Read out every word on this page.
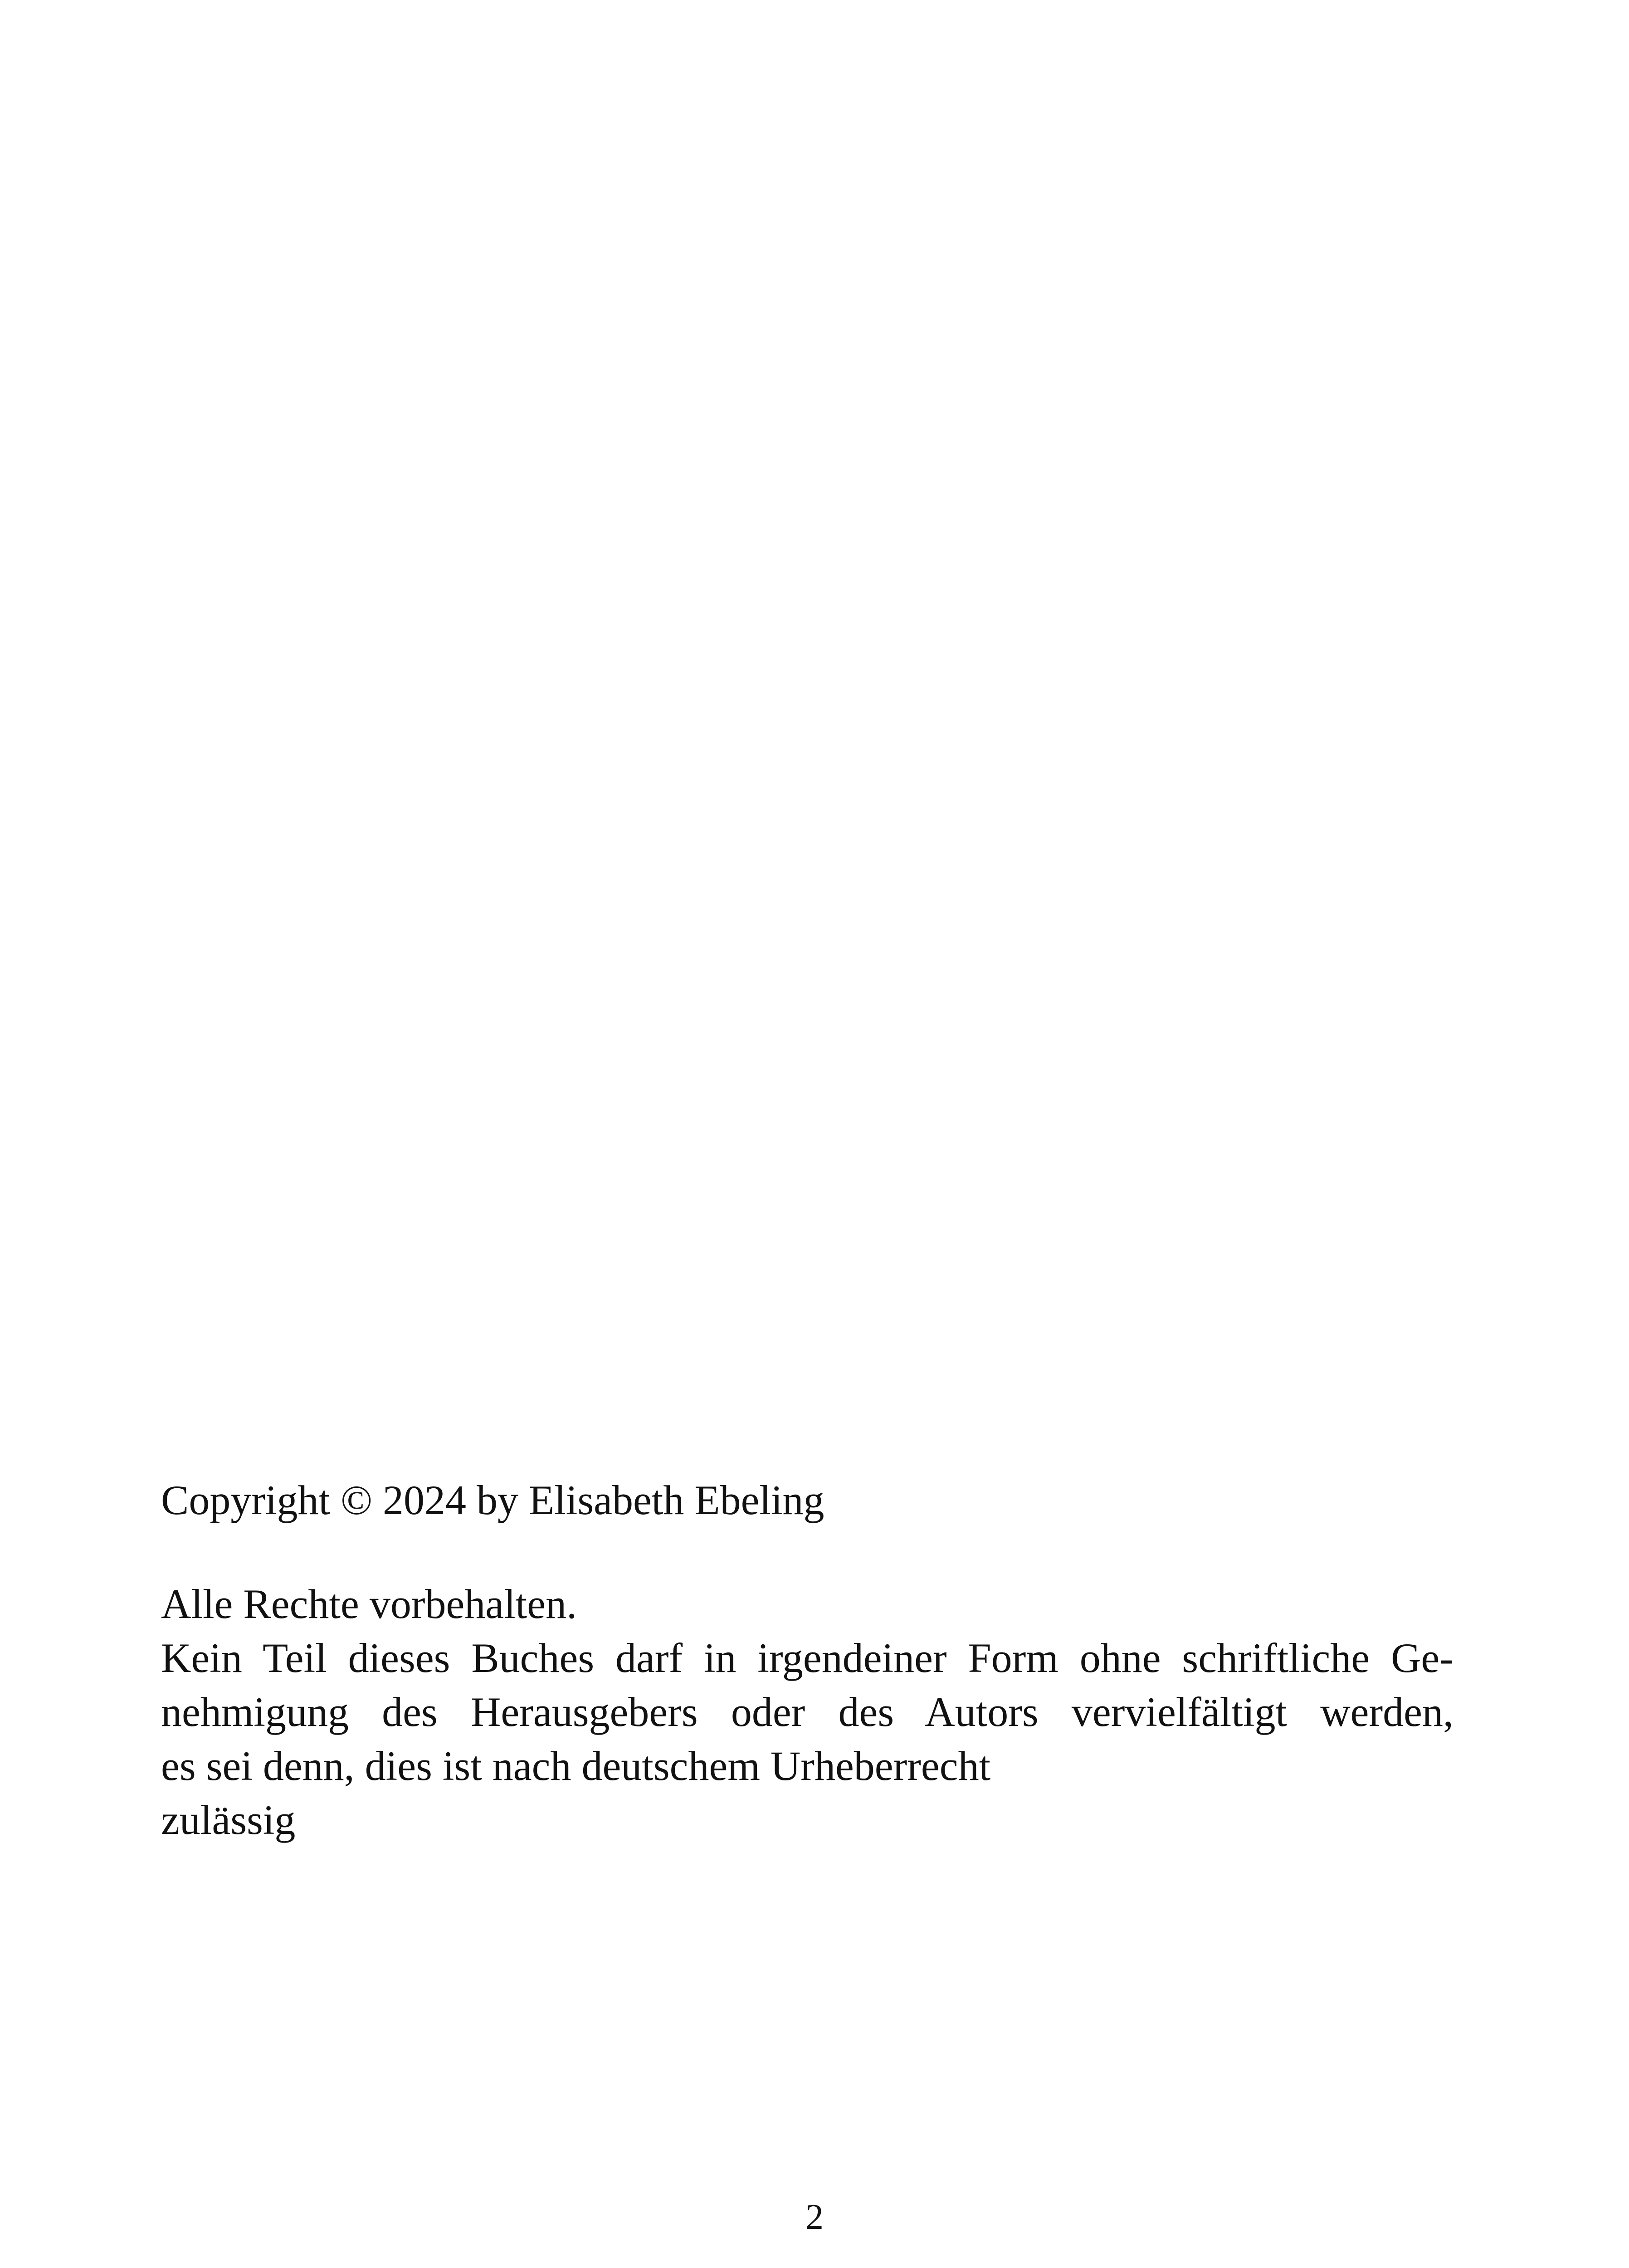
Copyright © 2024 by Elisabeth Ebeling

Alle Rechte vorbehalten.

Kein Teil dieses Buches darf in irgendeiner Form ohne schriftliche Ge-

nehmigung des Herausgebers oder des Autors vervielfältigt werden,

es sei denn, dies ist nach deutschem Urheberrecht

zulässig

2
